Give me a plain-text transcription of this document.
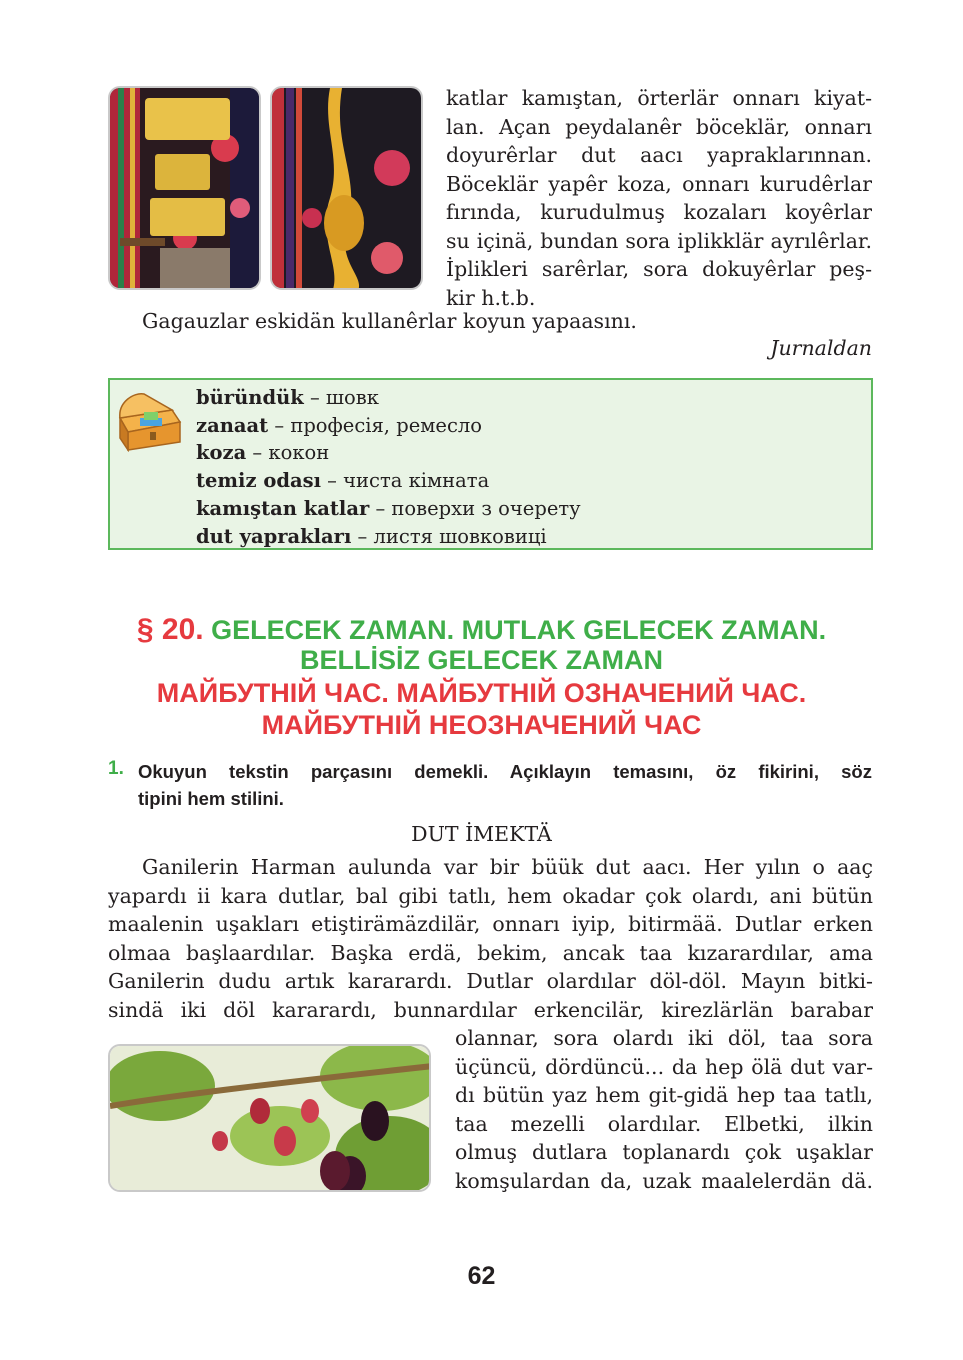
katlar kamıştan, örterlär onnarı kiyat-
lan. Açan peydalanêr böceklär, onnarı
doyurêrlar dut aacı yapraklarınnan.
Böceklär yapêr koza, onnarı kurudêrlar
fırında, kurudulmuş kozaları koyêrlar
su içinä, bundan sora iplikklär ayrılêrlar.
İplikleri sarêrlar, sora dokuyêrlar peş-
kir h.t.b.
Gagauzlar eskidän kullanêrlar koyun yapaasını.
Jurnaldan
büründük – шовк
zanaat – професія, ремесло
koza – кокон
temiz odası – чиста кімната
kamıştan katlar – поверхи з очерету
dut yaprakları – листя шовковиці
§ 20. GELECEK ZAMAN. MUTLAK GELECEK ZAMAN.
BELLİSİZ GELECEK ZAMAN
МАЙБУТНІЙ ЧАС. МАЙБУТНІЙ ОЗНАЧЕНИЙ ЧАС.
МАЙБУТНІЙ НЕОЗНАЧЕНИЙ ЧАС
1. Okuyun tekstin parçasını demekli. Açıklayın temasını, öz fikirini, söz
tipini hem stilini.
DUT İMEKTÄ
Ganilerin Harman aulunda var bir büük dut aacı. Her yılın o aaç
yapardı ii kara dutlar, bal gibi tatlı, hem okadar çok olardı, ani bütün
maalenin uşakları etiştirämäzdilär, onnarı iyip, bitirmää. Dutlar erken
olmaa başlaardılar. Başka erdä, bekim, ancak taa kızarardılar, ama
Ganilerin dudu artık kararardı. Dutlar olardılar döl-döl. Mayın bitki-
sindä iki döl kararardı, bunnardılar erkencilär, kirezlärlän barabar
olannar, sora olardı iki döl, taa sora
üçüncü, dördüncü... da hep ölä dut var-
dı bütün yaz hem git-gidä hep taa tatlı,
taa mezelli olardılar. Elbetki, ilkin
olmuş dutlara toplanardı çok uşaklar
komşulardan da, uzak maalelerdän dä.
62
